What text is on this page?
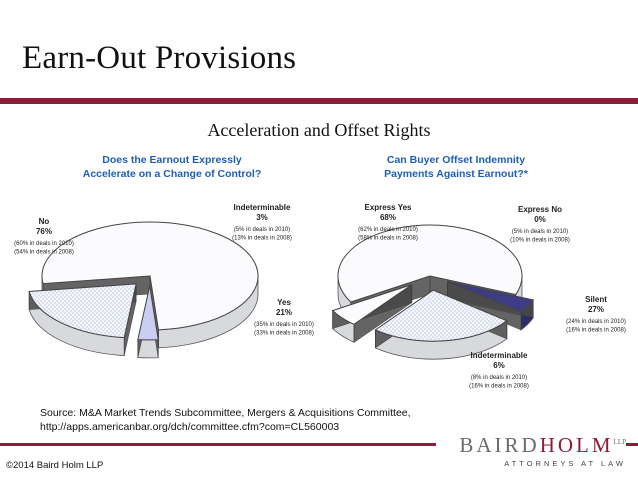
Earn-Out Provisions
Acceleration and Offset Rights
Does the Earnout Expressly
Accelerate on a Change of Control?
No
76%
(60% in deals in 2010)
(54% in deals in 2008)
Indeterminable
3%
(5% in deals in 2010)
(13% in deals in 2008)
Yes
21%
(35% in deals in 2010)
(33% in deals in 2008)
Can Buyer Offset Indemnity
Payments Against Earnout?*
Express Yes
68%
(62% in deals in 2010)
(58% in deals in 2008)
Express No
0%
(5% in deals in 2010)
(10% in deals in 2008)
Silent
27%
(24% in deals in 2010)
(16% in deals in 2008)
Indeterminable
6%
(8% in deals in 2010)
(16% in deals in 2008)
Source: M&A Market Trends Subcommittee, Mergers & Acquisitions Committee,
http://apps.americanbar.org/dch/committee.cfm?com=CL560003
©2014 Baird Holm LLP
$BAIRDHOLM^{LLP}$
ATTORNEYS AT LAW
